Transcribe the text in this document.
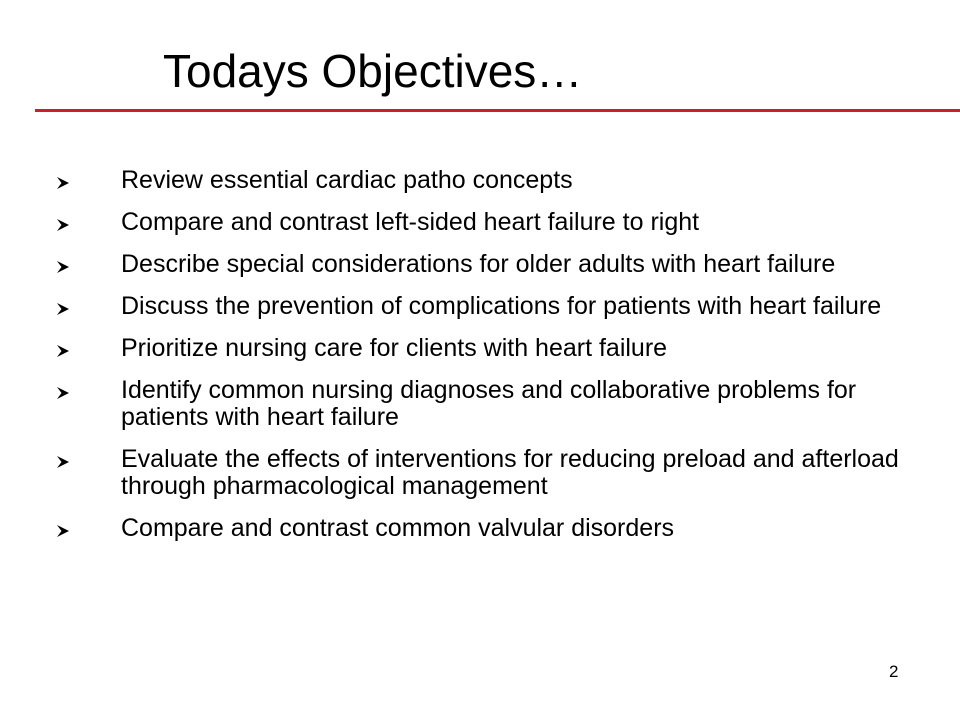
Todays Objectives…
Review essential cardiac patho concepts
Compare and contrast left-sided heart failure to right
Describe special considerations for older adults with heart failure
Discuss the prevention of complications for patients with heart failure
Prioritize nursing care for clients with heart failure
Identify common nursing diagnoses and collaborative problems for patients with heart failure
Evaluate the effects of interventions for reducing preload and afterload through pharmacological management
Compare and contrast common valvular disorders
2
